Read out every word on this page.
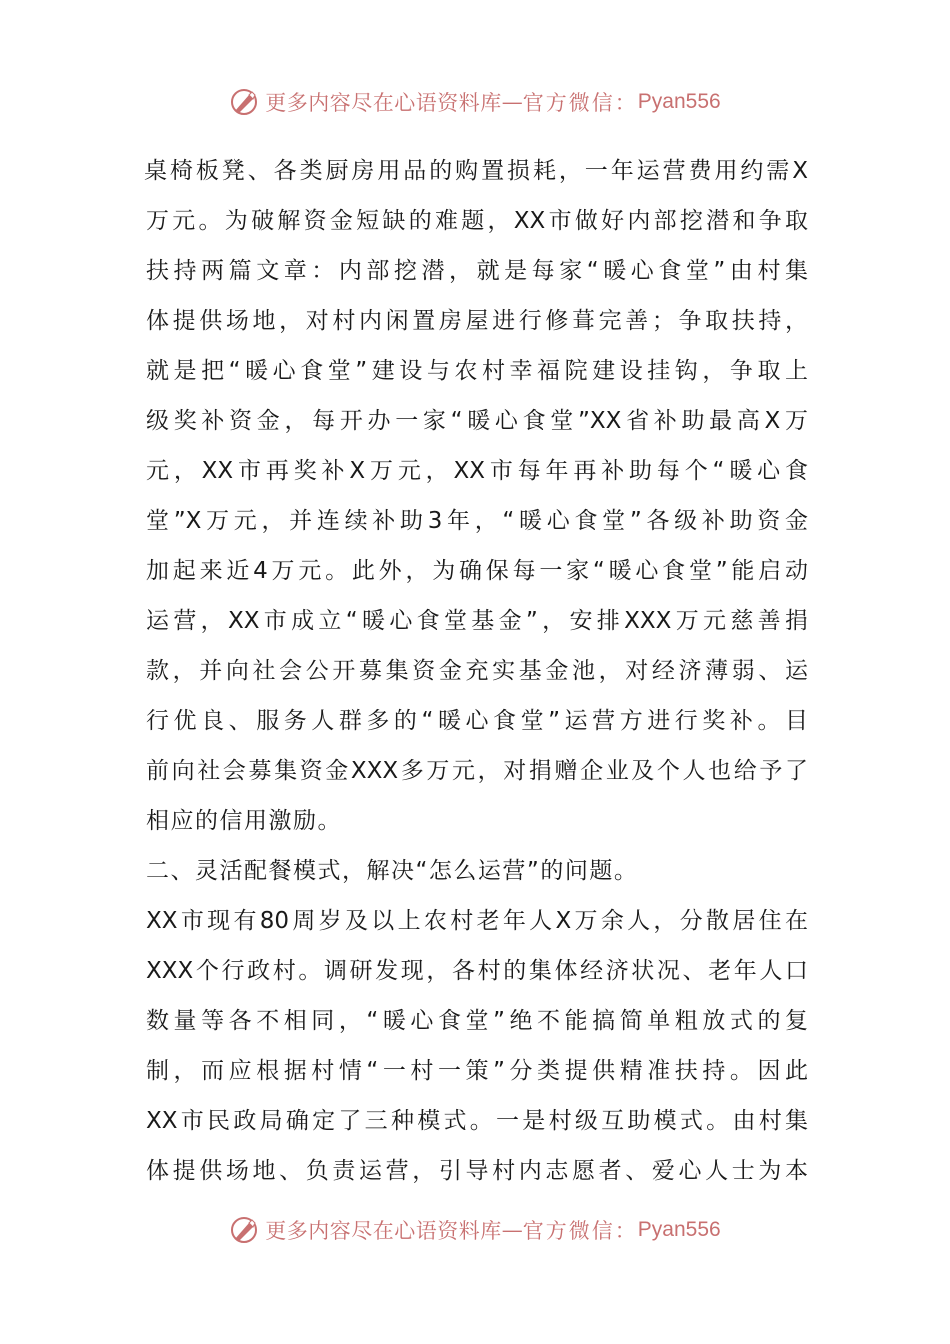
更多内容尽在心语资料库 — 官方微信： Pyan556
桌椅板凳、各类厨房用品的购置损耗，一年运营费用约需X
万元。为破解资金短缺的难题，XX市做好内部挖潜和争取
扶持两篇文章：内部挖潜，就是每家“暖心食堂”由村集
体提供场地，对村内闲置房屋进行修葺完善；争取扶持，
就是把“暖心食堂”建设与农村幸福院建设挂钩，争取上
级奖补资金，每开办一家“暖心食堂”XX省补助最高X万
元，XX市再奖补X万元，XX市每年再补助每个“暖心食
堂”X万元，并连续补助3年，“暖心食堂”各级补助资金
加起来近4万元。此外，为确保每一家“暖心食堂”能启动
运营，XX市成立“暖心食堂基金”，安排XXX万元慈善捐
款，并向社会公开募集资金充实基金池，对经济薄弱、运
行优良、服务人群多的“暖心食堂”运营方进行奖补。目
前向社会募集资金XXX多万元，对捐赠企业及个人也给予了
相应的信用激励。
二、灵活配餐模式，解决“怎么运营”的问题。
XX市现有80周岁及以上农村老年人X万余人，分散居住在
XXX个行政村。调研发现，各村的集体经济状况、老年人口
数量等各不相同，“暖心食堂”绝不能搞简单粗放式的复
制，而应根据村情“一村一策”分类提供精准扶持。因此
XX市民政局确定了三种模式。一是村级互助模式。由村集
体提供场地、负责运营，引导村内志愿者、爱心人士为本
更多内容尽在心语资料库 — 官方微信： Pyan556
